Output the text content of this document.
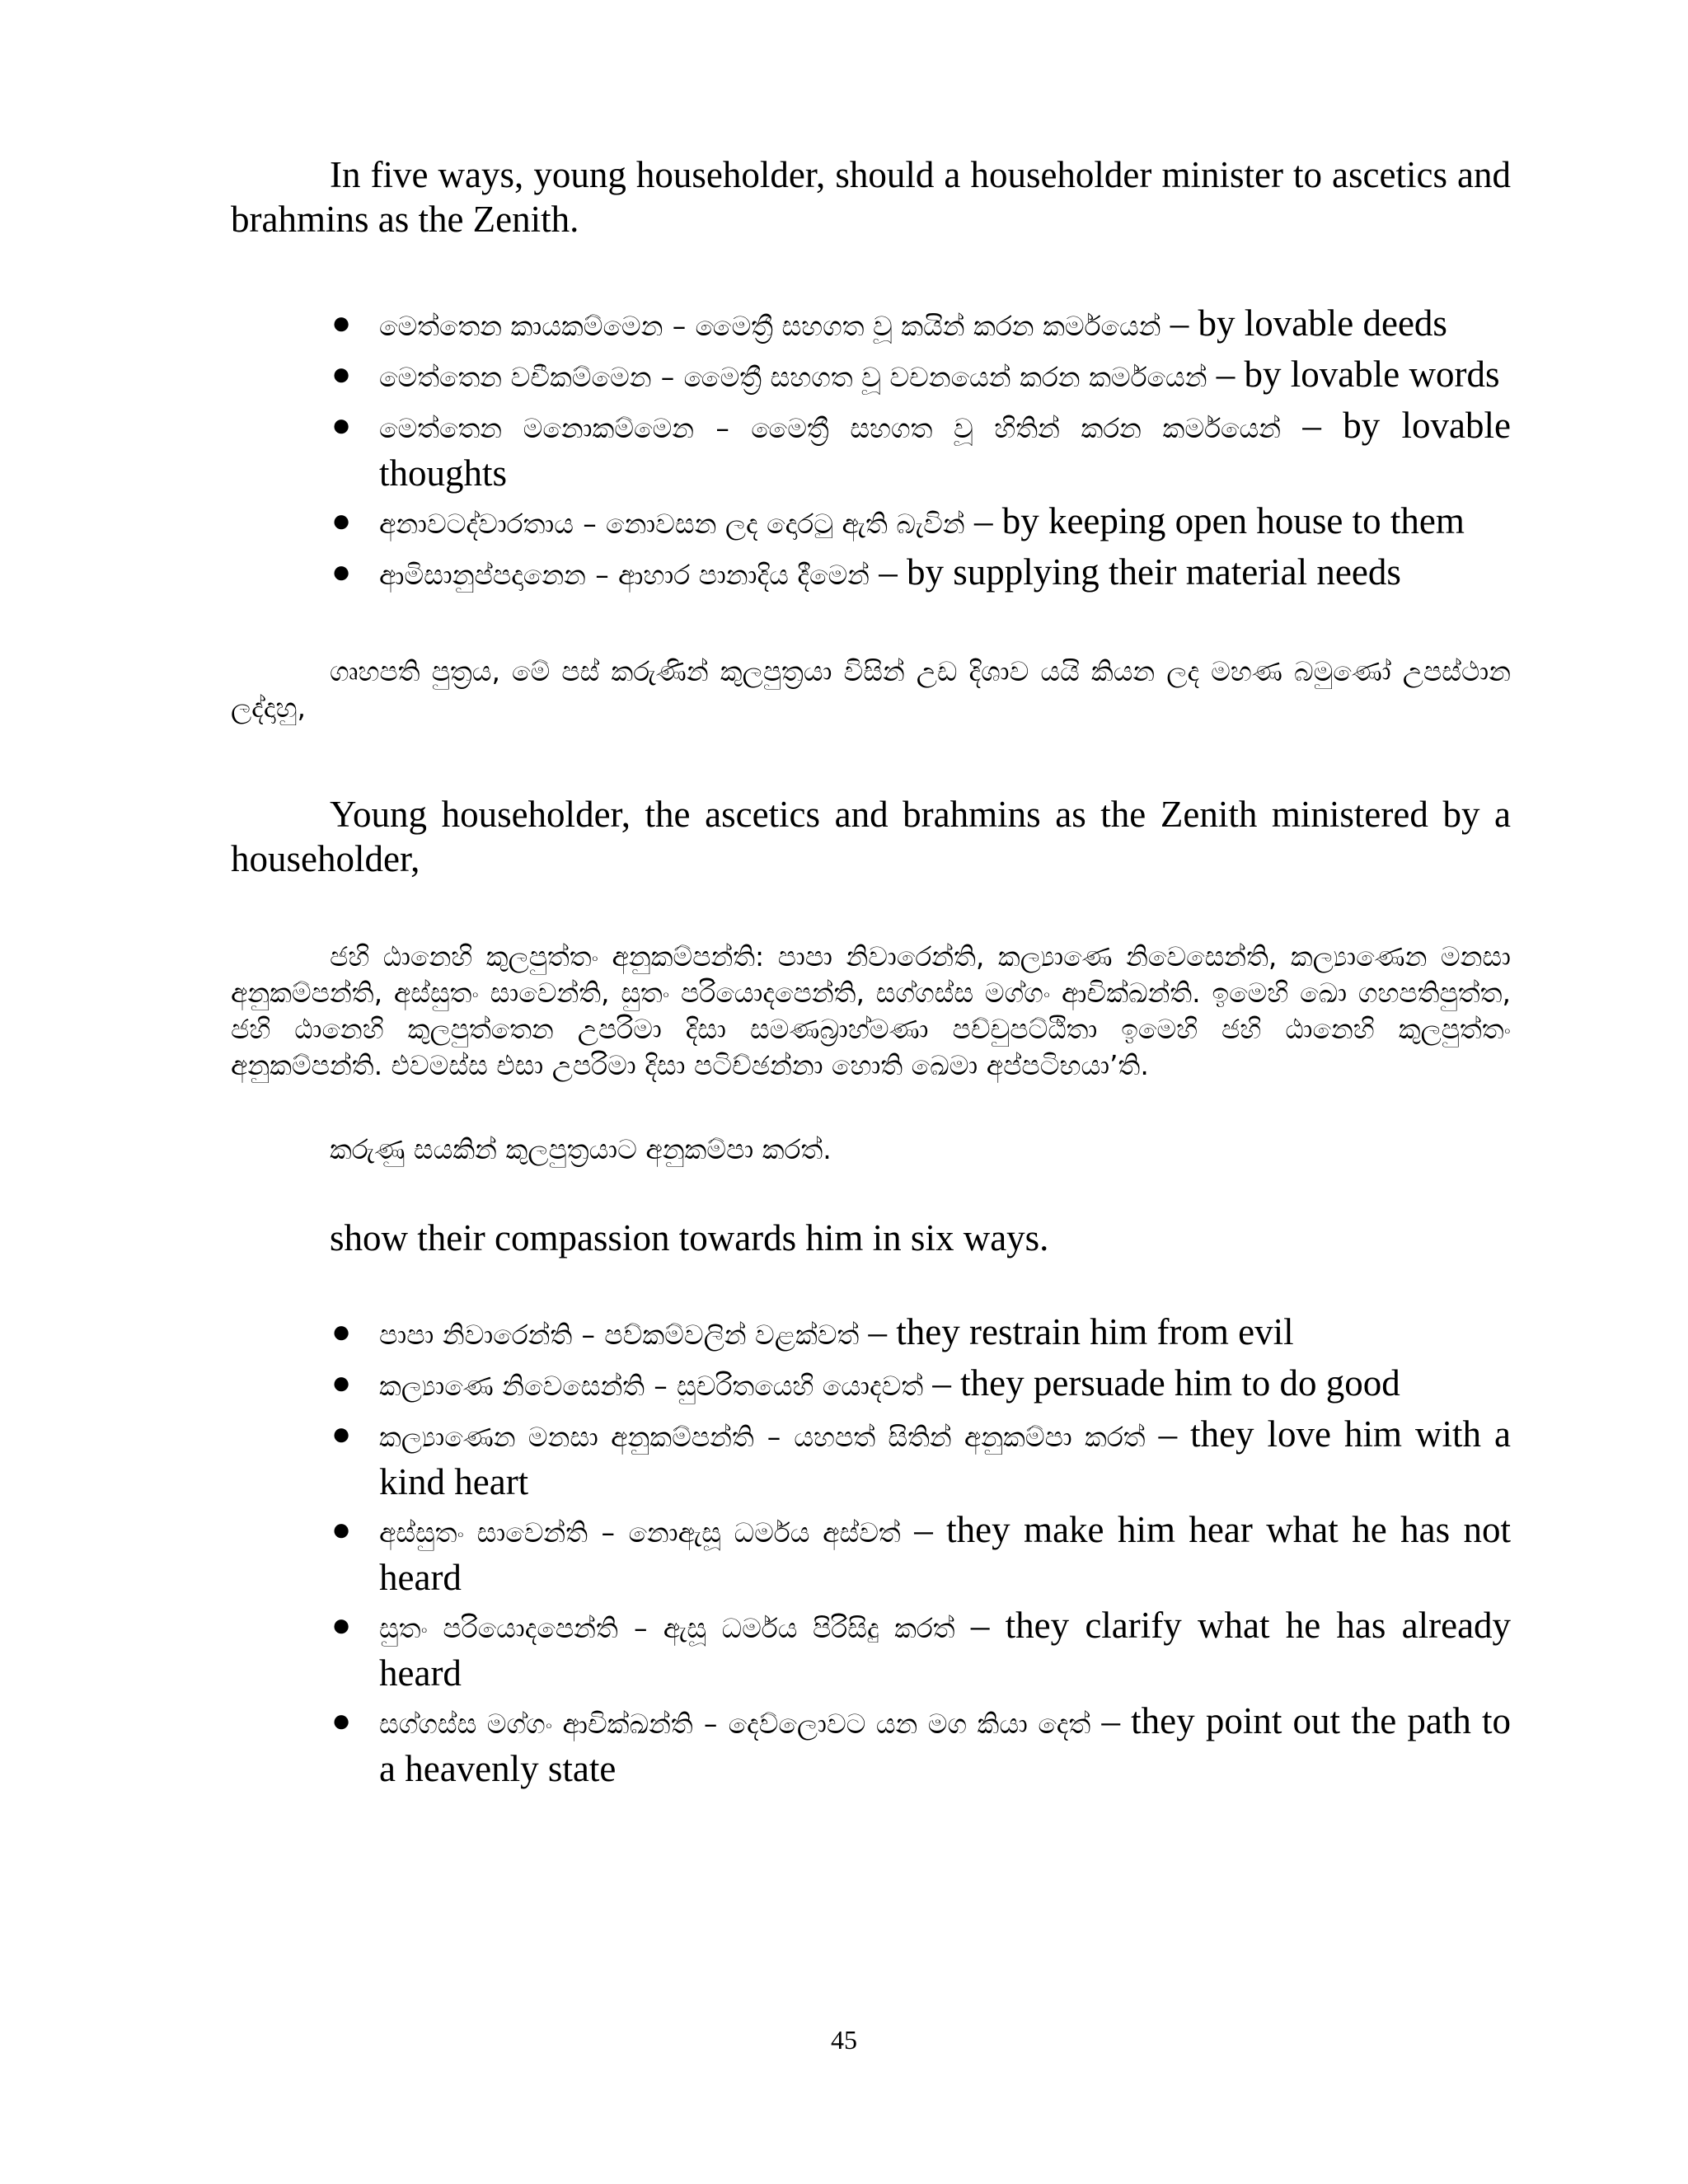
In five ways, young householder, should a householder minister to ascetics and brahmins as the Zenith.

● මෙත්තෙන කායකම්මෙන – මෛත්‍රී සහගත වූ කයින් කරන කර්මයෙන් – by lovable deeds
● මෙත්තෙන වචීකම්මෙන – මෛත්‍රී සහගත වූ වචනයෙන් කරන කර්මයෙන් – by lovable words
● මෙත්තෙන මනොකම්මෙන – මෛත්‍රී සහගත වූ හිතින් කරන කර්මයෙන් – by lovable thoughts
● අනාවටද්වාරතාය – නොවසන ලද දොරටු ඇති බැවින් – by keeping open house to them
● ආමිසානුප්පදානෙන – ආහාර පානාදිය දීමෙන් – by supplying their material needs

ගෘහපති පුත්‍රය, මේ පස් කරුණින් කුලපුත්‍රයා විසින් උඩ දිශාව යයි කියන ලද මහණ බමුණෝ උපස්ථාන ලද්දාහු,

Young householder, the ascetics and brahmins as the Zenith ministered by a householder,

ජහි ඨානෙහි කුලපුත්තං අනුකම්පන්ති: පාපා නිවාරෙන්ති, කල්‍යාණෙ නිවෙසෙන්ති, කල්‍යාණෙන මනසා අනුකම්පන්ති, අස්සුතං සාවෙන්ති, සුතං පරියොදපෙන්ති, සග්ගස්ස මග්ගං ආචික්ඛන්ති. ඉමෙහි ඛො ගහපතිපුත්ත, ජහි ඨානෙහි කුලපුත්තෙන උපරිමා දිසා සමණබ්‍රාහ්මණා පච්චුපට්ඨිතා ඉමෙහි ජහි ඨානෙහි කුලපුත්තං අනුකම්පන්ති. එවමස්ස එසා උපරිමා දිසා පටිච්ඡන්නා හොති ඛෙමා අප්පටිභයා’ති.

කරුණු සයකින් කුලපුත්‍රයාට අනුකම්පා කරත්.

show their compassion towards him in six ways.

● පාපා නිවාරෙන්ති – පව්කම්වලින් වළක්වත් – they restrain him from evil
● කල්‍යාණෙ නිවෙසෙන්ති – සුචරිතයෙහි යොදවත් – they persuade him to do good
● කල්‍යාණෙන මනසා අනුකම්පන්ති – යහපත් සිතින් අනුකම්පා කරත් – they love him with a kind heart
● අස්සුතං සාවෙන්ති – නොඇසූ ධර්මය අස්වත් – they make him hear what he has not heard
● සුතං පරියොදපෙන්ති – ඇසූ ධර්මය පිරිසිදු කරත් – they clarify what he has already heard
● සග්ගස්ස මග්ගං ආචික්ඛන්ති – දෙව්ලොවට යන මග කියා දෙත් – they point out the path to a heavenly state
45
